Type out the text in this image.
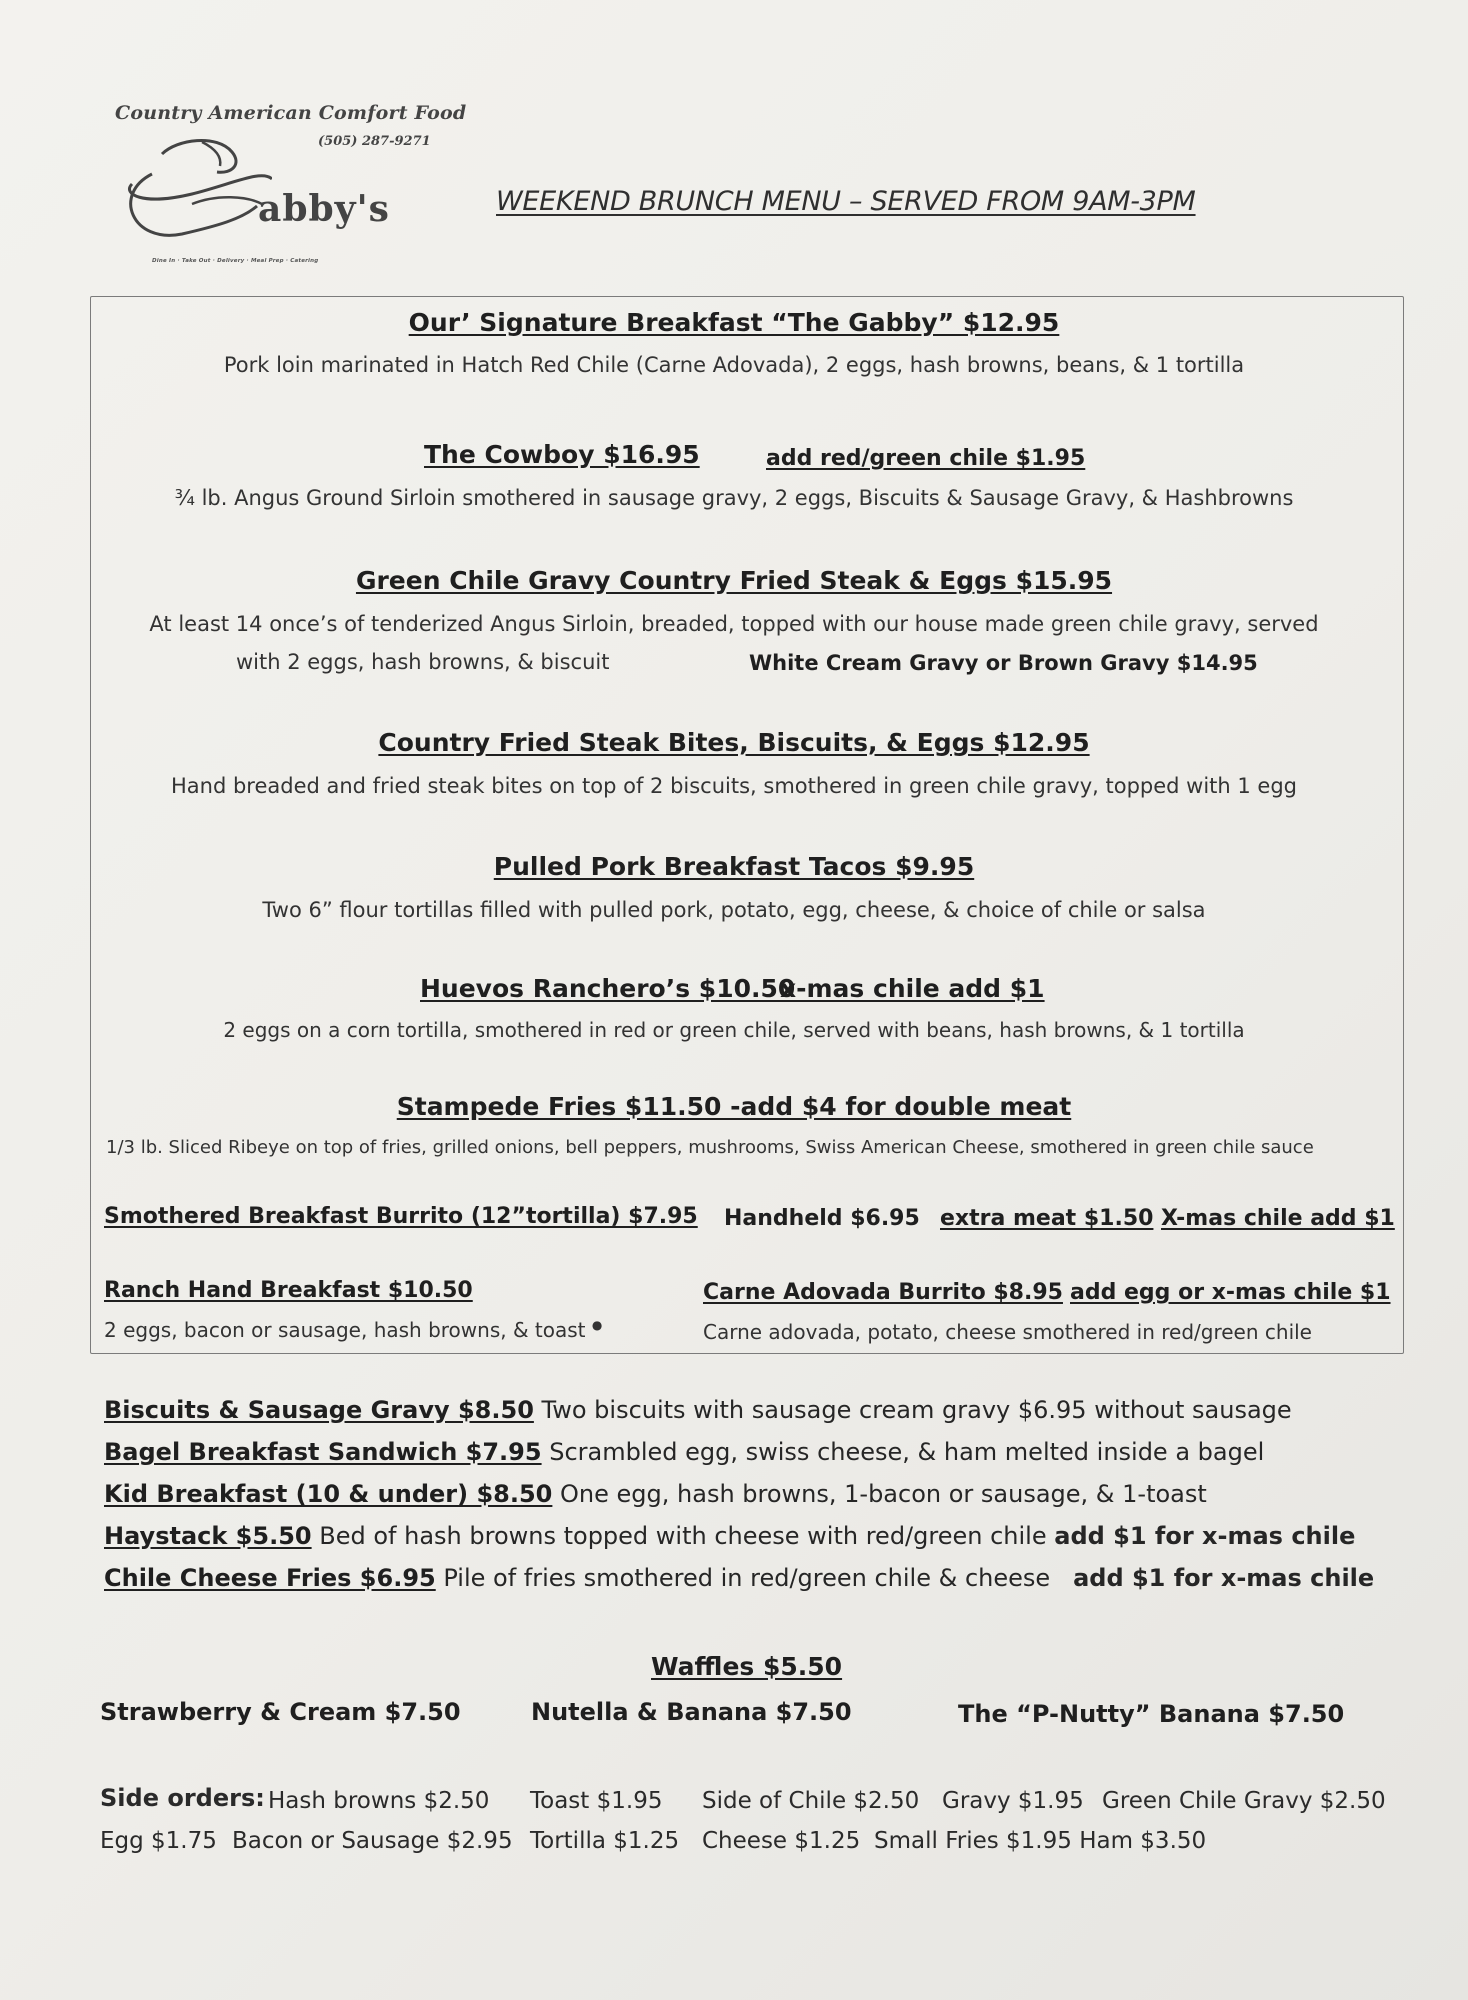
Country American Comfort Food
(505) 287-9271
abby's
Dine In · Take Out · Delivery · Meal Prep · Catering
WEEKEND BRUNCH MENU – SERVED FROM 9AM-3PM
Our’ Signature Breakfast “The Gabby” $12.95
Pork loin marinated in Hatch Red Chile (Carne Adovada), 2 eggs, hash browns, beans, & 1 tortilla
The Cowboy $16.95	add red/green chile $1.95
¾ lb. Angus Ground Sirloin smothered in sausage gravy, 2 eggs, Biscuits & Sausage Gravy, & Hashbrowns
Green Chile Gravy Country Fried Steak & Eggs $15.95
At least 14 once’s of tenderized Angus Sirloin, breaded, topped with our house made green chile gravy, served
with 2 eggs, hash browns, & biscuit	White Cream Gravy or Brown Gravy $14.95
Country Fried Steak Bites, Biscuits, & Eggs $12.95
Hand breaded and fried steak bites on top of 2 biscuits, smothered in green chile gravy, topped with 1 egg
Pulled Pork Breakfast Tacos $9.95
Two 6” flour tortillas filled with pulled pork, potato, egg, cheese, & choice of chile or salsa
Huevos Ranchero’s $10.50
x-mas chile add $1
2 eggs on a corn tortilla, smothered in red or green chile, served with beans, hash browns, & 1 tortilla
Stampede Fries $11.50 -add $4 for double meat
1/3 lb. Sliced Ribeye on top of fries, grilled onions, bell peppers, mushrooms, Swiss American Cheese, smothered in green chile sauce
Smothered Breakfast Burrito (12”tortilla) $7.95 Handheld $6.95 extra meat $1.50 X-mas chile add $1
Ranch Hand Breakfast $10.50
2 eggs, bacon or sausage, hash browns, & toast ●
Carne Adovada Burrito $8.95 add egg or x-mas chile $1
Carne adovada, potato, cheese smothered in red/green chile
Biscuits & Sausage Gravy $8.50 Two biscuits with sausage cream gravy $6.95 without sausage
Bagel Breakfast Sandwich $7.95 Scrambled egg, swiss cheese, & ham melted inside a bagel
Kid Breakfast (10 & under) $8.50 One egg, hash browns, 1-bacon or sausage, & 1-toast
Haystack $5.50 Bed of hash browns topped with cheese with red/green chile add $1 for x-mas chile
Chile Cheese Fries $6.95 Pile of fries smothered in red/green chile & cheese add $1 for x-mas chile
Waffles $5.50
Strawberry & Cream $7.50	Nutella & Banana $7.50	The “P-Nutty” Banana $7.50
Side orders: Hash browns $2.50 Toast $1.95 Side of Chile $2.50 Gravy $1.95 Green Chile Gravy $2.50
Egg $1.75 Bacon or Sausage $2.95 Tortilla $1.25 Cheese $1.25 Small Fries $1.95 Ham $3.50
